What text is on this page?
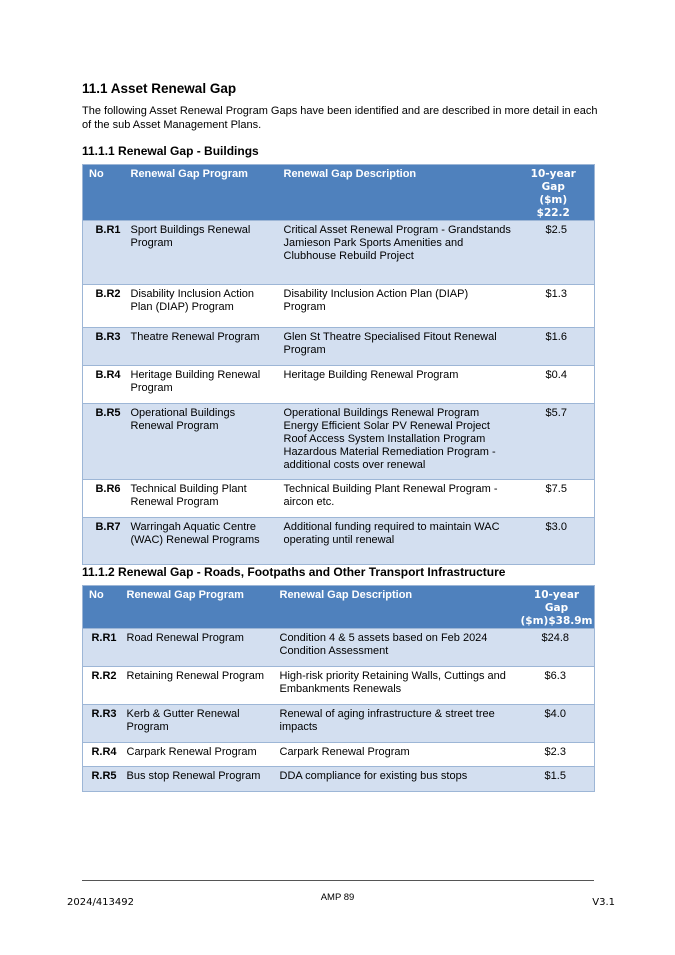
11.1 Asset Renewal Gap
The following Asset Renewal Program Gaps have been identified and are described in more detail in each of the sub Asset Management Plans.
11.1.1 Renewal Gap - Buildings
No	Renewal Gap Program	Renewal Gap Description	10-year Gap
($m) $22.2
B.R1	Sport Buildings Renewal Program	Critical Asset Renewal Program - Grandstands
Jamieson Park Sports Amenities and Clubhouse Rebuild Project	$2.5
B.R2	Disability Inclusion Action Plan (DIAP) Program	Disability Inclusion Action Plan (DIAP) Program	$1.3
B.R3	Theatre Renewal Program	Glen St Theatre Specialised Fitout Renewal Program	$1.6
B.R4	Heritage Building Renewal Program	Heritage Building Renewal Program	$0.4
B.R5	Operational Buildings Renewal Program	Operational Buildings Renewal Program
Energy Efficient Solar PV Renewal Project
Roof Access System Installation Program
Hazardous Material Remediation Program - additional costs over renewal	$5.7
B.R6	Technical Building Plant Renewal Program	Technical Building Plant Renewal Program - aircon etc.	$7.5
B.R7	Warringah Aquatic Centre (WAC) Renewal Programs	Additional funding required to maintain WAC operating until renewal	$3.0
11.1.2 Renewal Gap - Roads, Footpaths and Other Transport Infrastructure
No	Renewal Gap Program	Renewal Gap Description	10-year Gap
($m)$38.9m
R.R1	Road Renewal Program	Condition 4 & 5 assets based on Feb 2024 Condition Assessment	$24.8
R.R2	Retaining Renewal Program	High-risk priority Retaining Walls, Cuttings and Embankments Renewals	$6.3
R.R3	Kerb & Gutter Renewal Program	Renewal of aging infrastructure & street tree impacts	$4.0
R.R4	Carpark Renewal Program	Carpark Renewal Program	$2.3
R.R5	Bus stop Renewal Program	DDA compliance for existing bus stops	$1.5
AMP 89
2024/413492	V3.1
